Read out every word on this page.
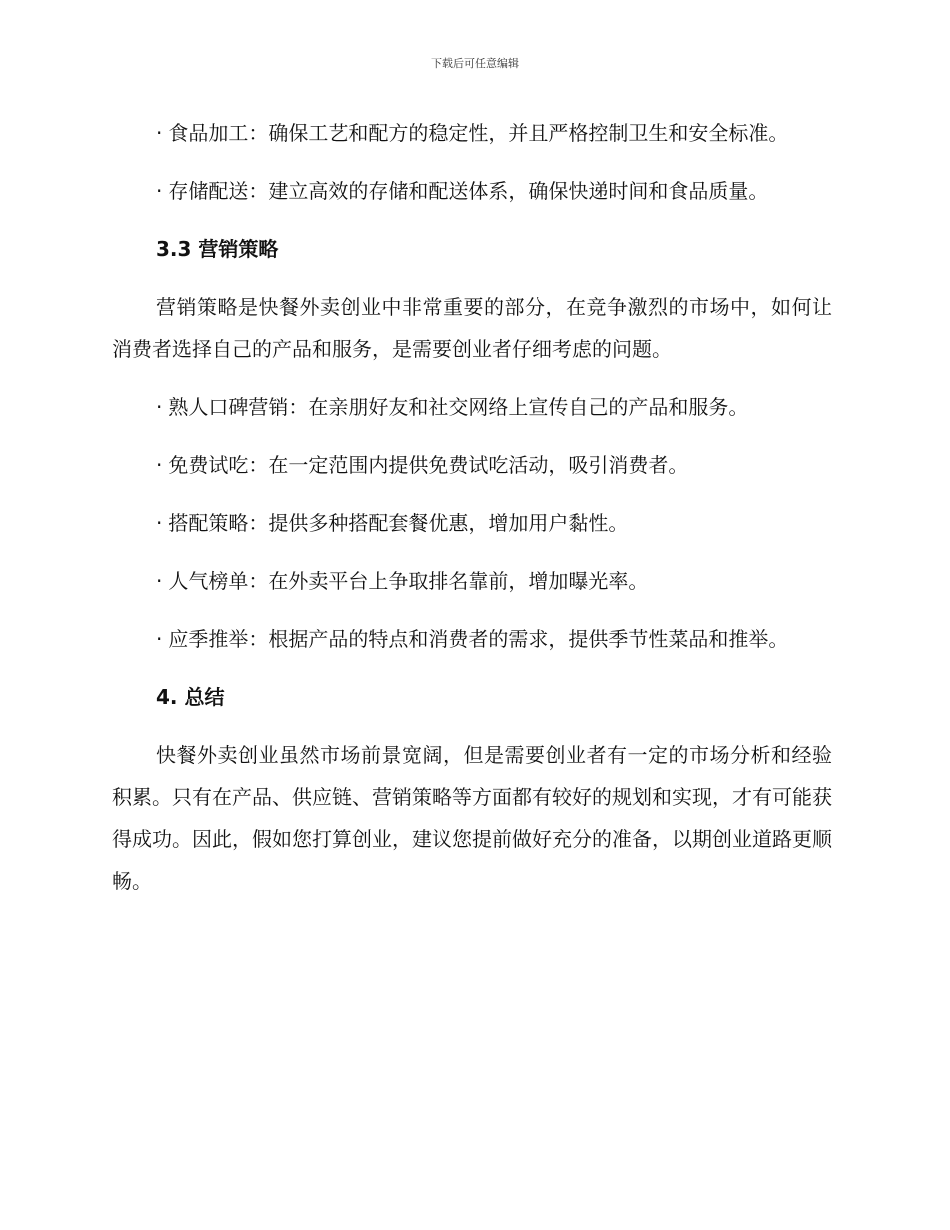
下载后可任意编辑

· 食品加工：确保工艺和配方的稳定性，并且严格控制卫生和安全标准。

· 存储配送：建立高效的存储和配送体系，确保快递时间和食品质量。

3.3 营销策略

营销策略是快餐外卖创业中非常重要的部分，在竞争激烈的市场中，如何让消费者选择自己的产品和服务，是需要创业者仔细考虑的问题。

· 熟人口碑营销：在亲朋好友和社交网络上宣传自己的产品和服务。

· 免费试吃：在一定范围内提供免费试吃活动，吸引消费者。

· 搭配策略：提供多种搭配套餐优惠，增加用户黏性。

· 人气榜单：在外卖平台上争取排名靠前，增加曝光率。

· 应季推举：根据产品的特点和消费者的需求，提供季节性菜品和推举。

4. 总结

快餐外卖创业虽然市场前景宽阔，但是需要创业者有一定的市场分析和经验积累。只有在产品、供应链、营销策略等方面都有较好的规划和实现，才有可能获得成功。因此，假如您打算创业，建议您提前做好充分的准备，以期创业道路更顺畅。
